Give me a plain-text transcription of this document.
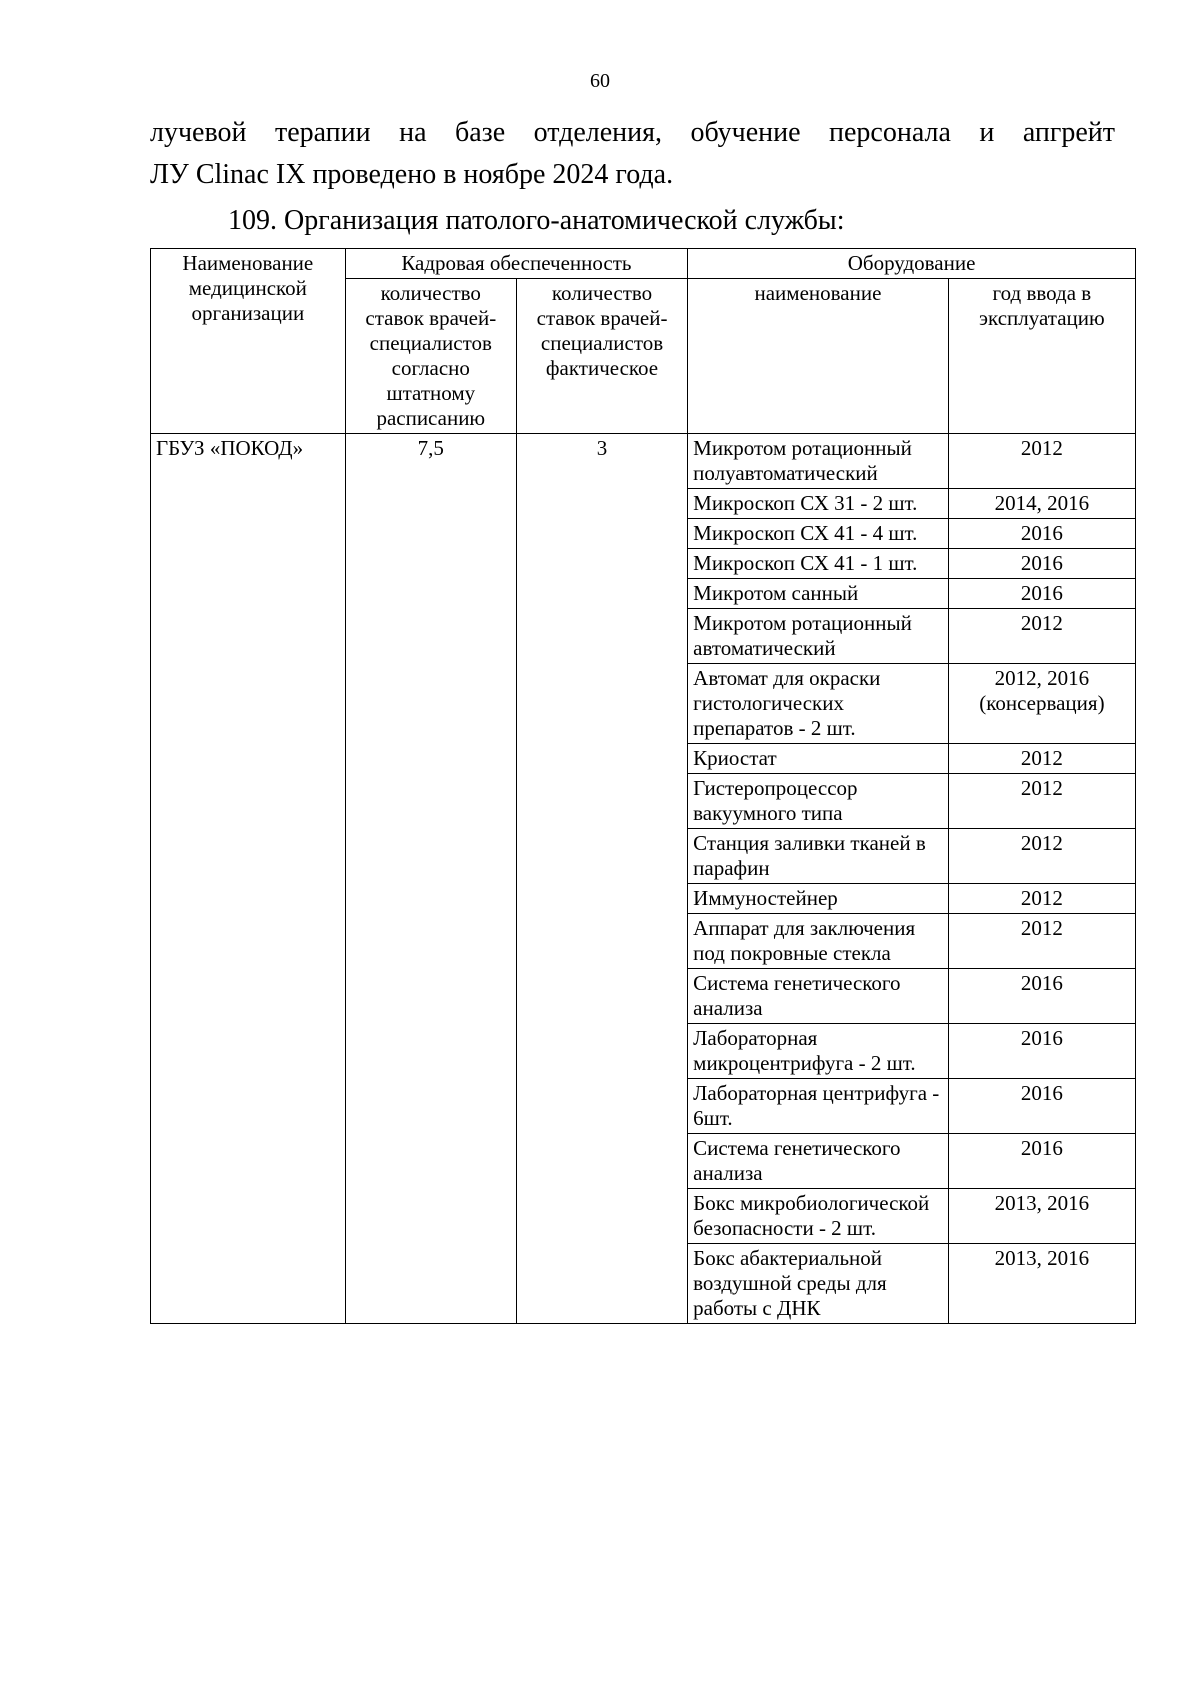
60
лучевой терапии на базе отделения, обучение персонала и апгрейт
ЛУ Clinac IX проведено в ноябре 2024 года.
109. Организация патолого-анатомической службы:
Наименование медицинской организации	Кадровая обеспеченность		Оборудование	
	количество ставок врачей-специалистов согласно штатному расписанию	количество ставок врачей-специалистов фактическое	наименование	год ввода в эксплуатацию
ГБУЗ «ПОКОД»	7,5	3	Микротом ротационный полуавтоматический	2012
			Микроскоп СХ 31 - 2 шт.	2014, 2016
			Микроскоп СХ 41 - 4 шт.	2016
			Микроскоп СХ 41 - 1 шт.	2016
			Микротом санный	2016
			Микротом ротационный автоматический	2012
			Автомат для окраски гистологических препаратов - 2 шт.	2012, 2016 (консервация)
			Криостат	2012
			Гистеропроцессор вакуумного типа	2012
			Станция заливки тканей в парафин	2012
			Иммуностейнер	2012
			Аппарат для заключения под покровные стекла	2012
			Система генетического анализа	2016
			Лабораторная микроцентрифуга - 2 шт.	2016
			Лабораторная центрифуга - 6шт.	2016
			Система генетического анализа	2016
			Бокс микробиологической безопасности - 2 шт.	2013, 2016
			Бокс абактериальной воздушной среды для работы с ДНК	2013, 2016
